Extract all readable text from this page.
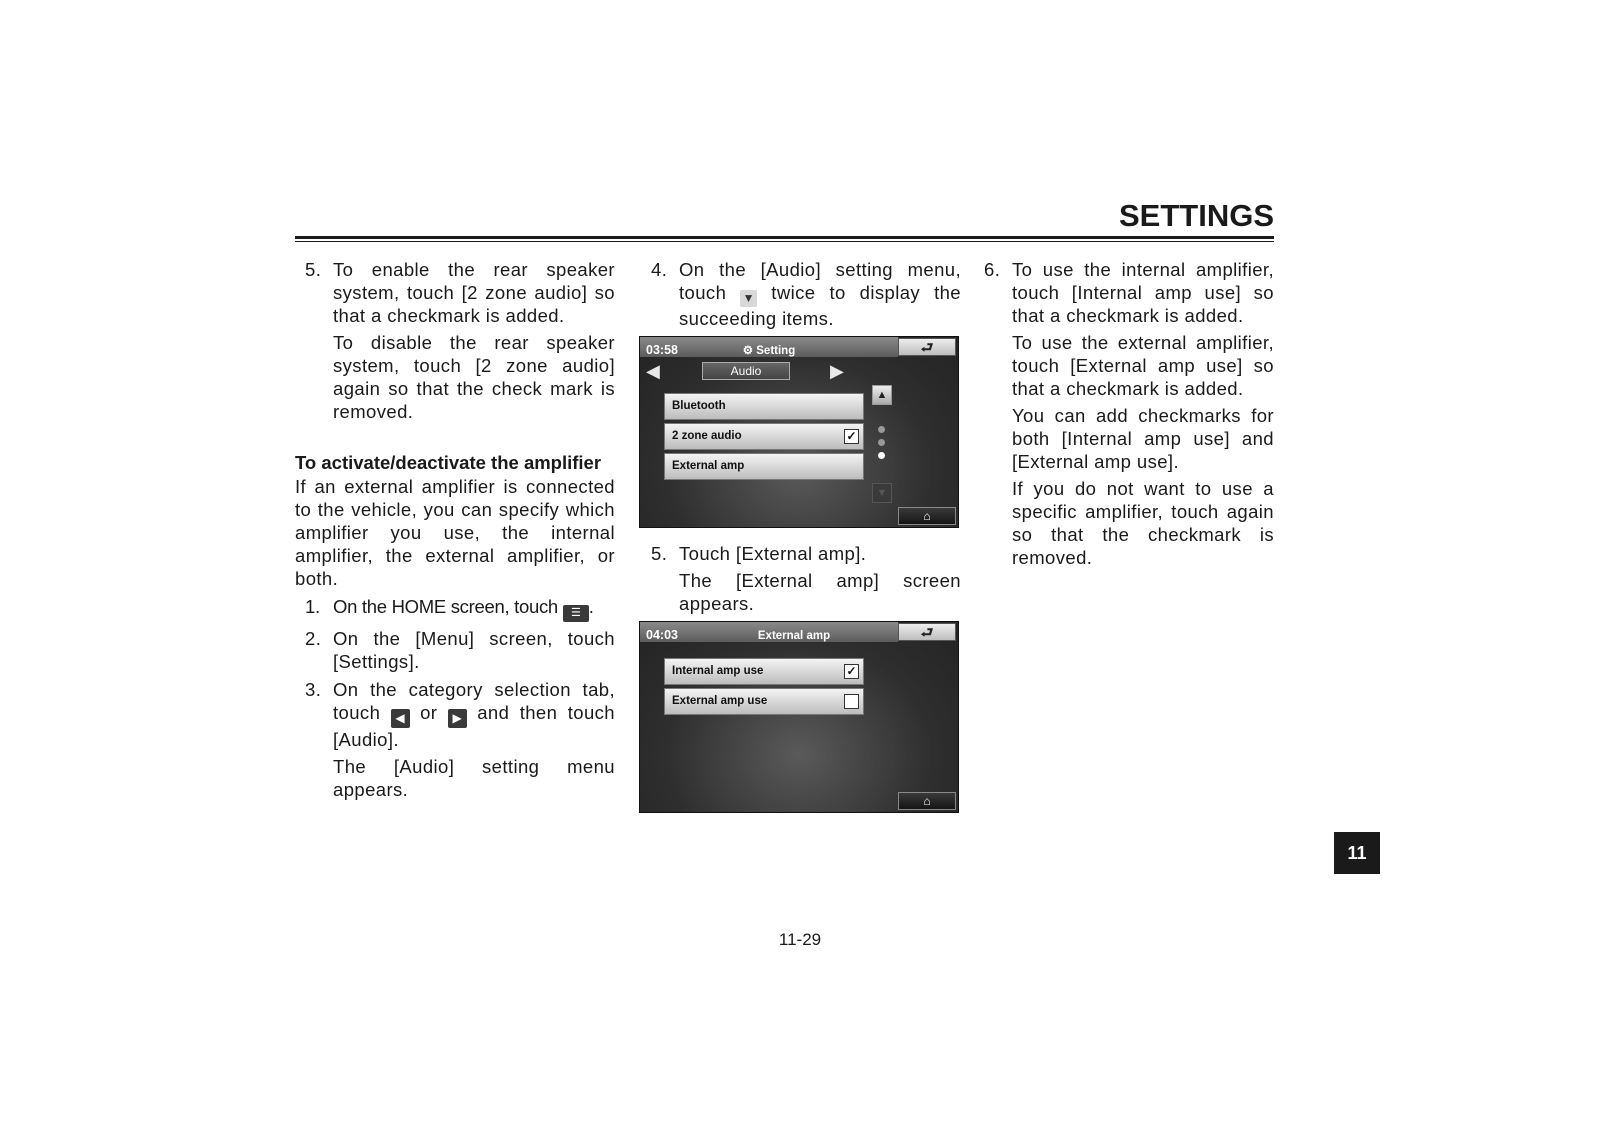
SETTINGS

5. To enable the rear speaker system, touch [2 zone audio] so that a checkmark is added.

To disable the rear speaker system, touch [2 zone audio] again so that the check mark is removed.

To activate/deactivate the amplifier

If an external amplifier is connected to the vehicle, you can specify which amplifier you use, the internal amplifier, the external amplifier, or both.

1. On the HOME screen, touch ☰ .

2. On the [Menu] screen, touch [Settings].

3. On the category selection tab, touch ◀ or ▶ and then touch [Audio].

The [Audio] setting menu appears.

4. On the [Audio] setting menu, touch ▼ twice to display the succeeding items.

03:58	⚙ Setting	⮐
◀	Audio	▶
Bluetooth
2 zone audio	✓
External amp
▲
▼
⌂

5. Touch [External amp].

The [External amp] screen appears.

04:03	External amp	⮐
Internal amp use	✓
External amp use
⌂

6. To use the internal amplifier, touch [Internal amp use] so that a checkmark is added.

To use the external amplifier, touch [External amp use] so that a checkmark is added.

You can add checkmarks for both [Internal amp use] and [External amp use].

If you do not want to use a specific amplifier, touch again so that the checkmark is removed.

11
11-29
